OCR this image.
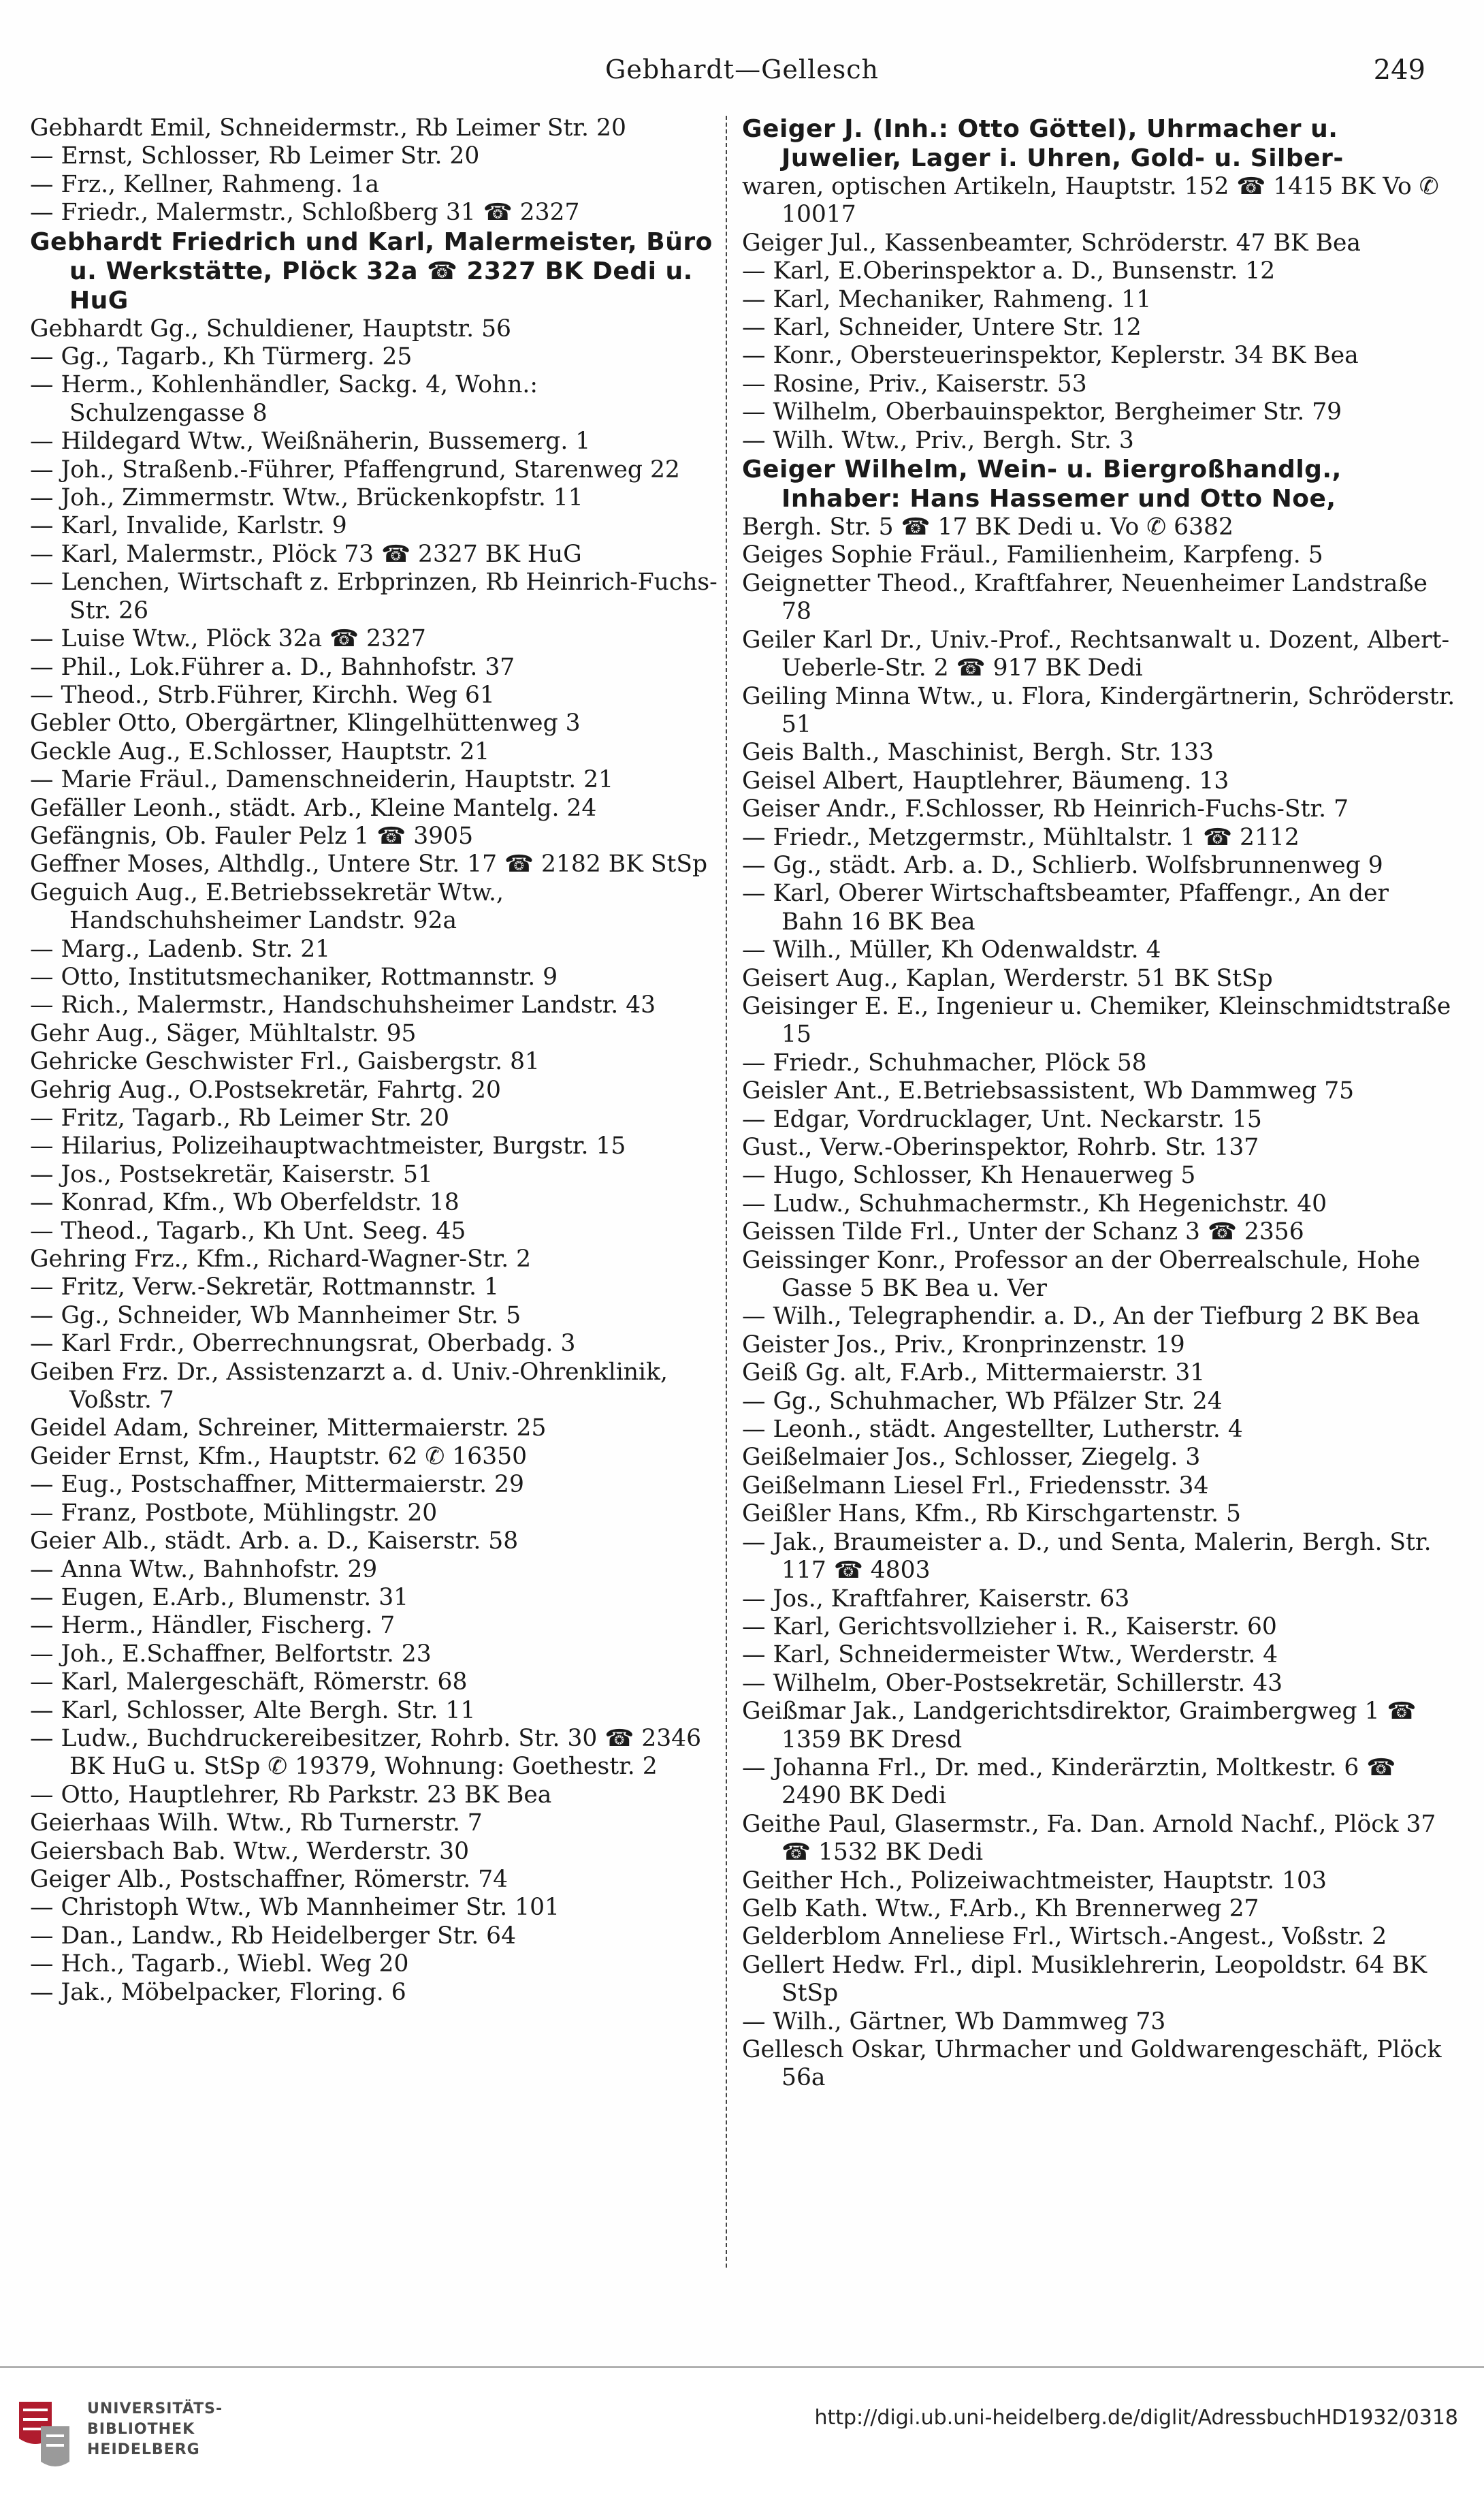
Gebhardt—Gellesch	249
Gebhardt Emil, Schneidermstr., Rb Leimer Str. 20
— Ernst, Schlosser, Rb Leimer Str. 20
— Frz., Kellner, Rahmeng. 1a
— Friedr., Malermstr., Schloßberg 31 ☎ 2327
Gebhardt Friedrich und Karl, Malermeister, Büro u. Werkstätte, Plöck 32a ☎ 2327 BK Dedi u. HuG
Gebhardt Gg., Schuldiener, Hauptstr. 56
— Gg., Tagarb., Kh Türmerg. 25
— Herm., Kohlenhändler, Sackg. 4, Wohn.: Schulzengasse 8
— Hildegard Wtw., Weißnäherin, Bussemerg. 1
— Joh., Straßenb.-Führer, Pfaffengrund, Starenweg 22
— Joh., Zimmermstr. Wtw., Brückenkopfstr. 11
— Karl, Invalide, Karlstr. 9
— Karl, Malermstr., Plöck 73 ☎ 2327 BK HuG
— Lenchen, Wirtschaft z. Erbprinzen, Rb Heinrich-Fuchs-Str. 26
— Luise Wtw., Plöck 32a ☎ 2327
— Phil., Lok.Führer a. D., Bahnhofstr. 37
— Theod., Strb.Führer, Kirchh. Weg 61
Gebler Otto, Obergärtner, Klingelhüttenweg 3
Geckle Aug., E.Schlosser, Hauptstr. 21
— Marie Fräul., Damenschneiderin, Hauptstr. 21
Gefäller Leonh., städt. Arb., Kleine Mantelg. 24
Gefängnis, Ob. Fauler Pelz 1 ☎ 3905
Geffner Moses, Althdlg., Untere Str. 17 ☎ 2182 BK StSp
Geguich Aug., E.Betriebssekretär Wtw., Handschuhsheimer Landstr. 92a
— Marg., Ladenb. Str. 21
— Otto, Institutsmechaniker, Rottmannstr. 9
— Rich., Malermstr., Handschuhsheimer Landstr. 43
Gehr Aug., Säger, Mühltalstr. 95
Gehricke Geschwister Frl., Gaisbergstr. 81
Gehrig Aug., O.Postsekretär, Fahrtg. 20
— Fritz, Tagarb., Rb Leimer Str. 20
— Hilarius, Polizeihauptwachtmeister, Burgstr. 15
— Jos., Postsekretär, Kaiserstr. 51
— Konrad, Kfm., Wb Oberfeldstr. 18
— Theod., Tagarb., Kh Unt. Seeg. 45
Gehring Frz., Kfm., Richard-Wagner-Str. 2
— Fritz, Verw.-Sekretär, Rottmannstr. 1
— Gg., Schneider, Wb Mannheimer Str. 5
— Karl Frdr., Oberrechnungsrat, Oberbadg. 3
Geiben Frz. Dr., Assistenzarzt a. d. Univ.-Ohrenklinik, Voßstr. 7
Geidel Adam, Schreiner, Mittermaierstr. 25
Geider Ernst, Kfm., Hauptstr. 62 ✆ 16350
— Eug., Postschaffner, Mittermaierstr. 29
— Franz, Postbote, Mühlingstr. 20
Geier Alb., städt. Arb. a. D., Kaiserstr. 58
— Anna Wtw., Bahnhofstr. 29
— Eugen, E.Arb., Blumenstr. 31
— Herm., Händler, Fischerg. 7
— Joh., E.Schaffner, Belfortstr. 23
— Karl, Malergeschäft, Römerstr. 68
— Karl, Schlosser, Alte Bergh. Str. 11
— Ludw., Buchdruckereibesitzer, Rohrb. Str. 30 ☎ 2346 BK HuG u. StSp ✆ 19379, Wohnung: Goethestr. 2
— Otto, Hauptlehrer, Rb Parkstr. 23 BK Bea
Geierhaas Wilh. Wtw., Rb Turnerstr. 7
Geiersbach Bab. Wtw., Werderstr. 30
Geiger Alb., Postschaffner, Römerstr. 74
— Christoph Wtw., Wb Mannheimer Str. 101
— Dan., Landw., Rb Heidelberger Str. 64
— Hch., Tagarb., Wiebl. Weg 20
— Jak., Möbelpacker, Floring. 6
Geiger J. (Inh.: Otto Göttel), Uhrmacher u. Juwelier, Lager i. Uhren, Gold- u. Silber-
waren, optischen Artikeln, Hauptstr. 152 ☎ 1415 BK Vo ✆ 10017
Geiger Jul., Kassenbeamter, Schröderstr. 47 BK Bea
— Karl, E.Oberinspektor a. D., Bunsenstr. 12
— Karl, Mechaniker, Rahmeng. 11
— Karl, Schneider, Untere Str. 12
— Konr., Obersteuerinspektor, Keplerstr. 34 BK Bea
— Rosine, Priv., Kaiserstr. 53
— Wilhelm, Oberbauinspektor, Bergheimer Str. 79
— Wilh. Wtw., Priv., Bergh. Str. 3
Geiger Wilhelm, Wein- u. Biergroßhandlg., Inhaber: Hans Hassemer und Otto Noe,
Bergh. Str. 5 ☎ 17 BK Dedi u. Vo ✆ 6382
Geiges Sophie Fräul., Familienheim, Karpfeng. 5
Geignetter Theod., Kraftfahrer, Neuenheimer Landstraße 78
Geiler Karl Dr., Univ.-Prof., Rechtsanwalt u. Dozent, Albert-Ueberle-Str. 2 ☎ 917 BK Dedi
Geiling Minna Wtw., u. Flora, Kindergärtnerin, Schröderstr. 51
Geis Balth., Maschinist, Bergh. Str. 133
Geisel Albert, Hauptlehrer, Bäumeng. 13
Geiser Andr., F.Schlosser, Rb Heinrich-Fuchs-Str. 7
— Friedr., Metzgermstr., Mühltalstr. 1 ☎ 2112
— Gg., städt. Arb. a. D., Schlierb. Wolfsbrunnenweg 9
— Karl, Oberer Wirtschaftsbeamter, Pfaffengr., An der Bahn 16 BK Bea
— Wilh., Müller, Kh Odenwaldstr. 4
Geisert Aug., Kaplan, Werderstr. 51 BK StSp
Geisinger E. E., Ingenieur u. Chemiker, Kleinschmidtstraße 15
— Friedr., Schuhmacher, Plöck 58
Geisler Ant., E.Betriebsassistent, Wb Dammweg 75
— Edgar, Vordrucklager, Unt. Neckarstr. 15
Gust., Verw.-Oberinspektor, Rohrb. Str. 137
— Hugo, Schlosser, Kh Henauerweg 5
— Ludw., Schuhmachermstr., Kh Hegenichstr. 40
Geissen Tilde Frl., Unter der Schanz 3 ☎ 2356
Geissinger Konr., Professor an der Oberrealschule, Hohe Gasse 5 BK Bea u. Ver
— Wilh., Telegraphendir. a. D., An der Tiefburg 2 BK Bea
Geister Jos., Priv., Kronprinzenstr. 19
Geiß Gg. alt, F.Arb., Mittermaierstr. 31
— Gg., Schuhmacher, Wb Pfälzer Str. 24
— Leonh., städt. Angestellter, Lutherstr. 4
Geißelmaier Jos., Schlosser, Ziegelg. 3
Geißelmann Liesel Frl., Friedensstr. 34
Geißler Hans, Kfm., Rb Kirschgartenstr. 5
— Jak., Braumeister a. D., und Senta, Malerin, Bergh. Str. 117 ☎ 4803
— Jos., Kraftfahrer, Kaiserstr. 63
— Karl, Gerichtsvollzieher i. R., Kaiserstr. 60
— Karl, Schneidermeister Wtw., Werderstr. 4
— Wilhelm, Ober-Postsekretär, Schillerstr. 43
Geißmar Jak., Landgerichtsdirektor, Graimbergweg 1 ☎ 1359 BK Dresd
— Johanna Frl., Dr. med., Kinderärztin, Moltkestr. 6 ☎ 2490 BK Dedi
Geithe Paul, Glasermstr., Fa. Dan. Arnold Nachf., Plöck 37 ☎ 1532 BK Dedi
Geither Hch., Polizeiwachtmeister, Hauptstr. 103
Gelb Kath. Wtw., F.Arb., Kh Brennerweg 27
Gelderblom Anneliese Frl., Wirtsch.-Angest., Voßstr. 2
Gellert Hedw. Frl., dipl. Musiklehrerin, Leopoldstr. 64 BK StSp
— Wilh., Gärtner, Wb Dammweg 73
Gellesch Oskar, Uhrmacher und Goldwarengeschäft, Plöck 56a
UNIVERSITÄTS-
BIBLIOTHEK
HEIDELBERG
http://digi.ub.uni-heidelberg.de/diglit/AdressbuchHD1932/0318
